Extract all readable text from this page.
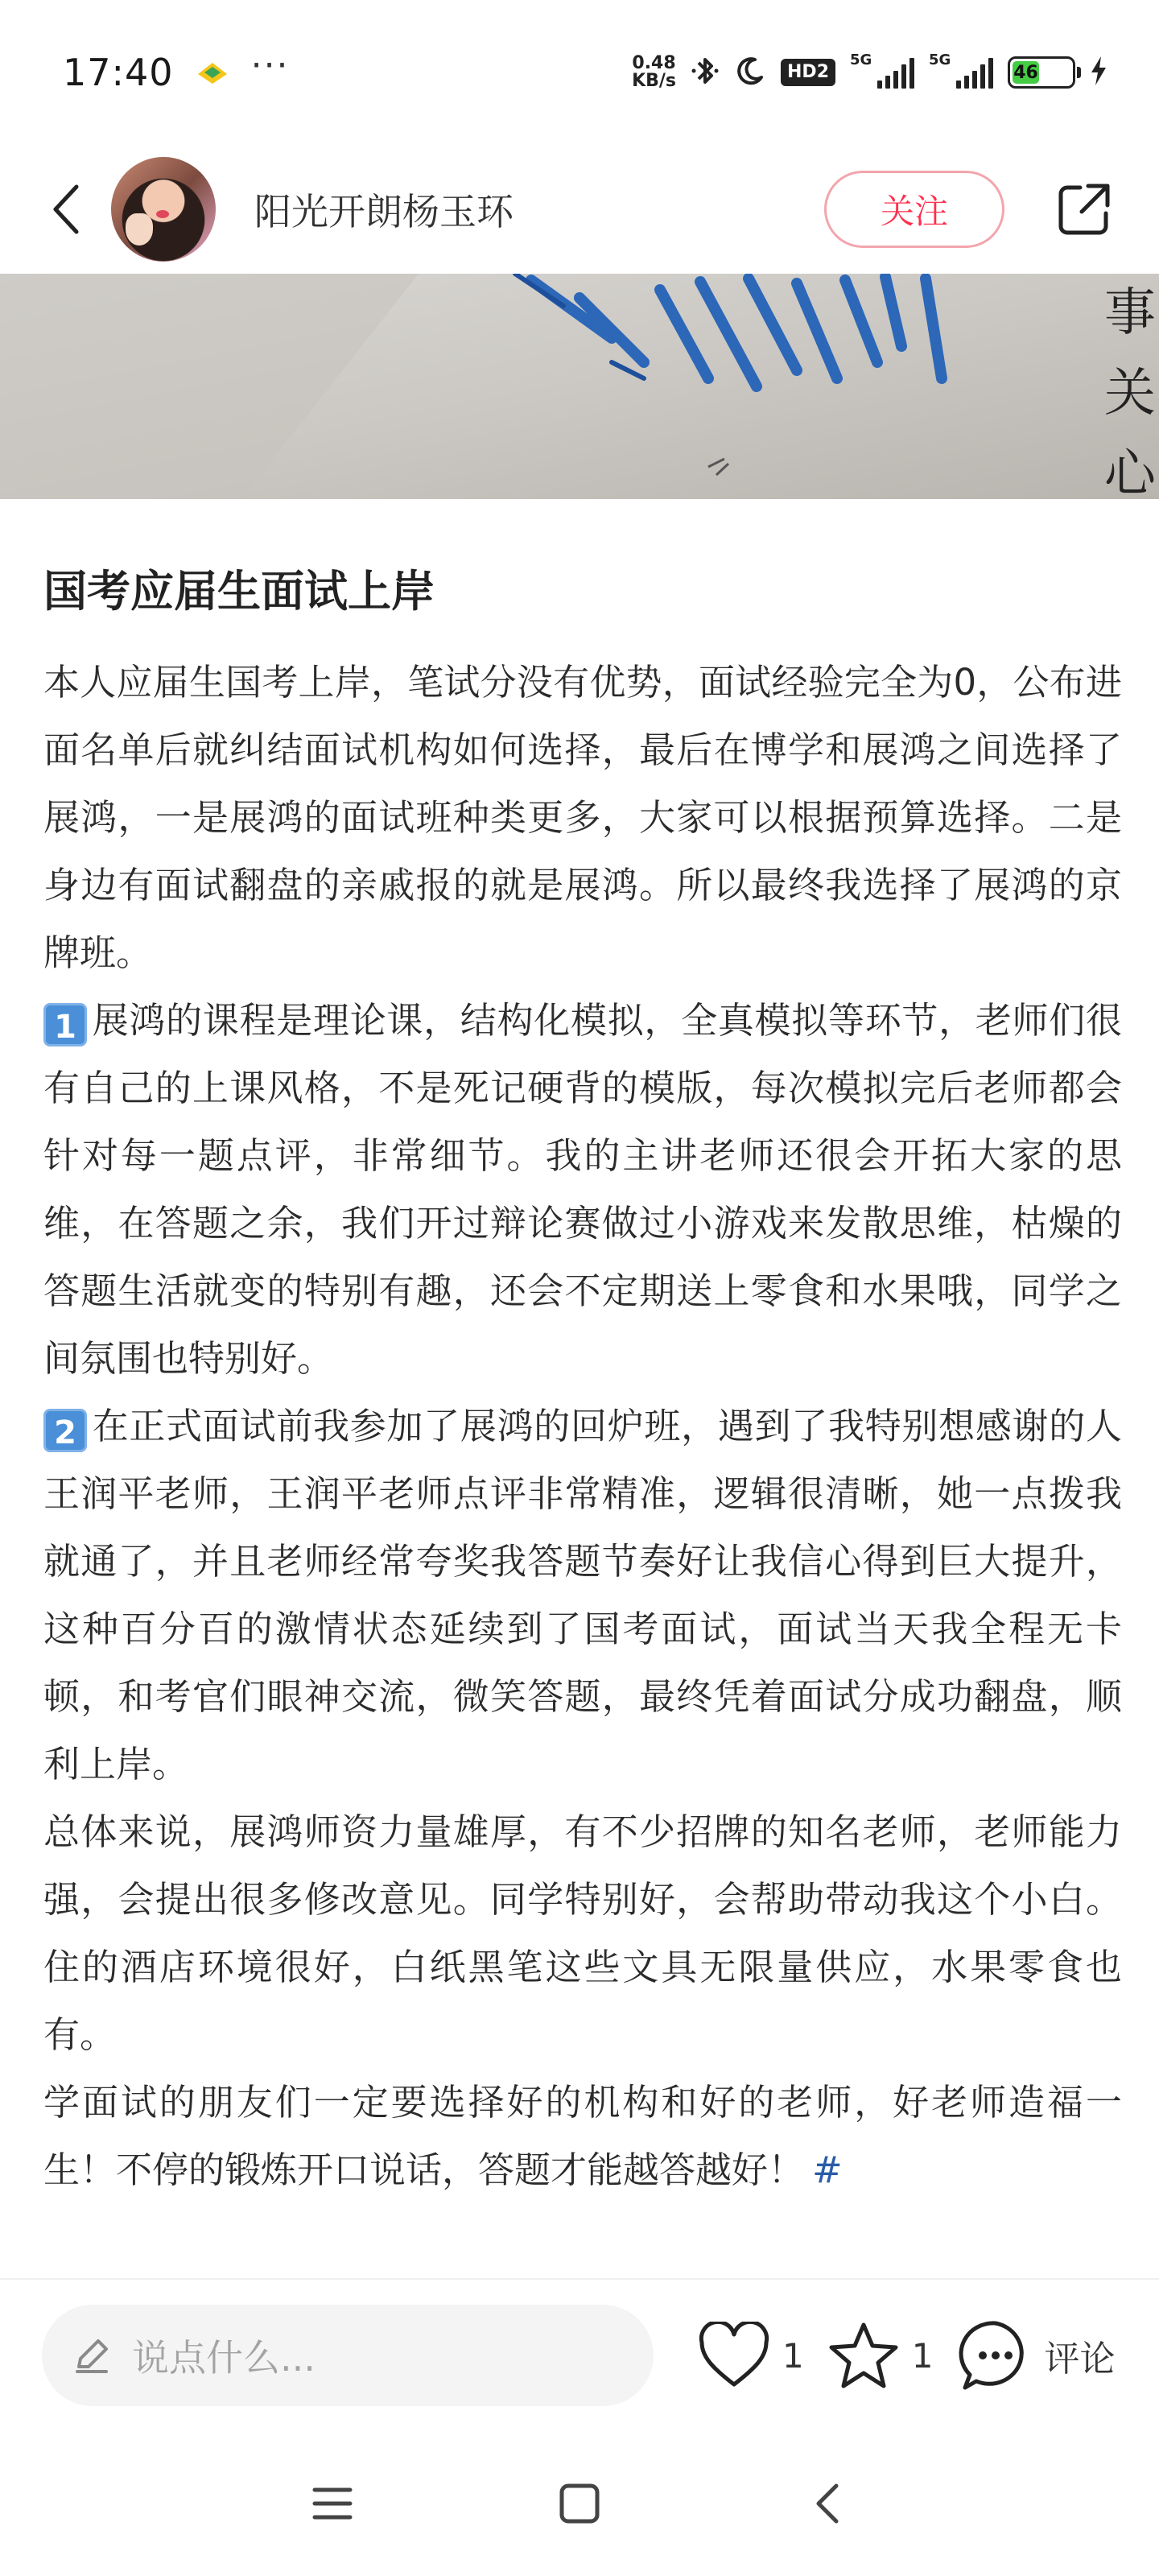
17:40 ···	0.48
KB/s	HD2
5G	5G
46
阳光开朗杨玉环	关注
事
关
心
国考应届生面试上岸

本人应届生国考上岸，笔试分没有优势，面试经验完全为0，公布进面名单后就纠结面试机构如何选择，最后在博学和展鸿之间选择了展鸿，一是展鸿的面试班种类更多，大家可以根据预算选择。二是身边有面试翻盘的亲戚报的就是展鸿。所以最终我选择了展鸿的京牌班。

1 展鸿的课程是理论课，结构化模拟，全真模拟等环节，老师们很有自己的上课风格，不是死记硬背的模版，每次模拟完后老师都会针对每一题点评，非常细节。我的主讲老师还很会开拓大家的思维，在答题之余，我们开过辩论赛做过小游戏来发散思维，枯燥的答题生活就变的特别有趣，还会不定期送上零食和水果哦，同学之间氛围也特别好。

2 在正式面试前我参加了展鸿的回炉班，遇到了我特别想感谢的人王润平老师，王润平老师点评非常精准，逻辑很清晰，她一点拨我就通了，并且老师经常夸奖我答题节奏好让我信心得到巨大提升，这种百分百的激情状态延续到了国考面试，面试当天我全程无卡顿，和考官们眼神交流，微笑答题，最终凭着面试分成功翻盘，顺利上岸。

总体来说，展鸿师资力量雄厚，有不少招牌的知名老师，老师能力强，会提出很多修改意见。同学特别好，会帮助带动我这个小白。住的酒店环境很好，白纸黑笔这些文具无限量供应，水果零食也有。

学面试的朋友们一定要选择好的机构和好的老师，好老师造福一生！不停的锻炼开口说话，答题才能越答越好！ #

说点什么...	1	1	评论
